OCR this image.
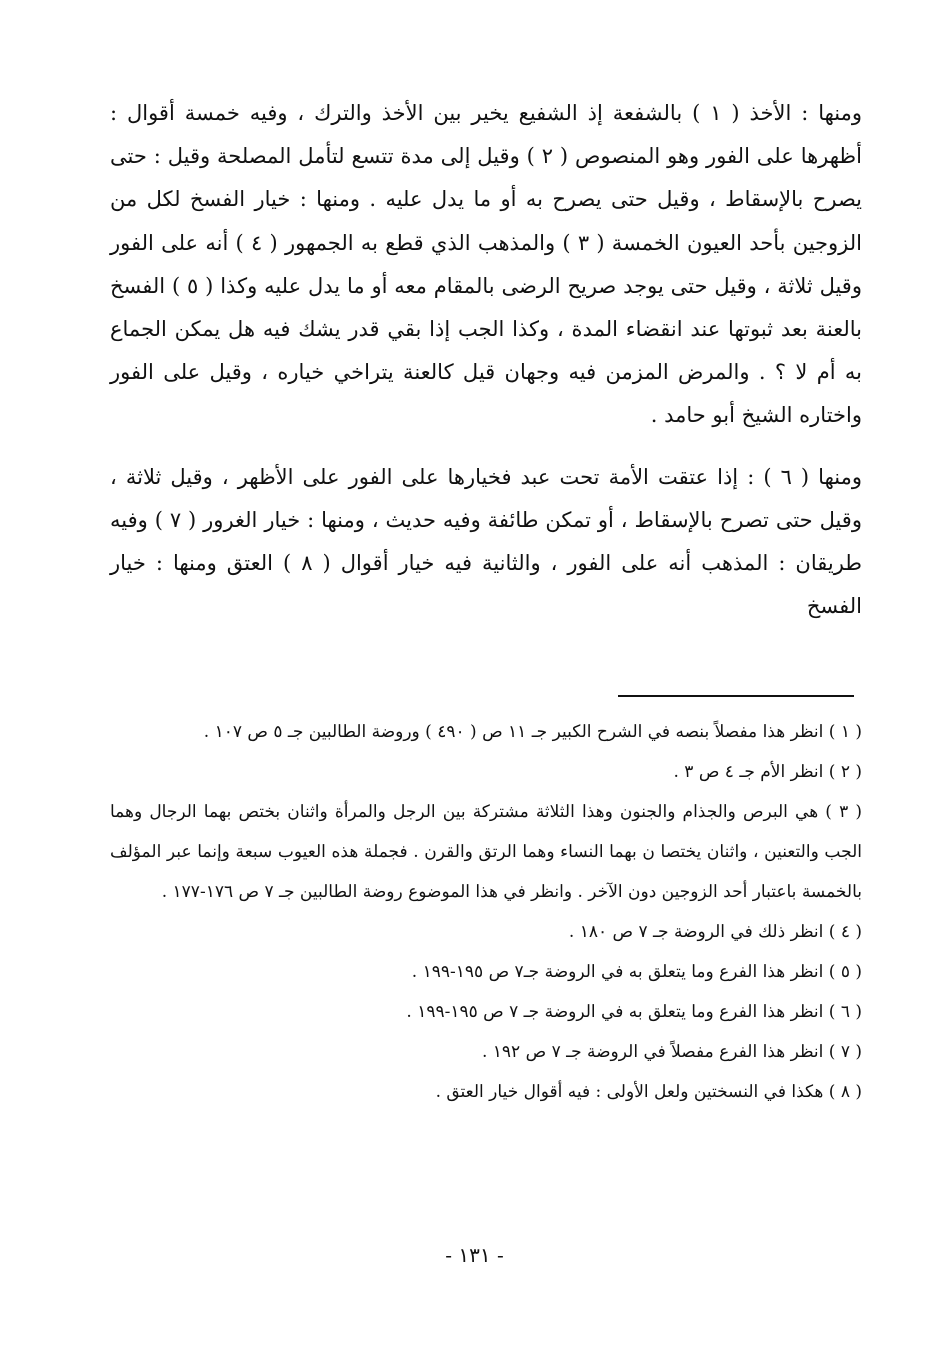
ومنها : الأخذ ( ١ ) بالشفعة إذ الشفيع يخير بين الأخذ والترك ، وفيه خمسة أقوال : أظهرها على الفور وهو المنصوص ( ٢ ) وقيل إلى مدة تتسع لتأمل المصلحة وقيل : حتى يصرح بالإسقاط ، وقيل حتى يصرح به أو ما يدل عليه . ومنها : خيار الفسخ لكل من الزوجين بأحد العيون الخمسة ( ٣ ) والمذهب الذي قطع به الجمهور ( ٤ ) أنه على الفور وقيل ثلاثة ، وقيل حتى يوجد صريح الرضى بالمقام معه أو ما يدل عليه وكذا ( ٥ ) الفسخ بالعنة بعد ثبوتها عند انقضاء المدة ، وكذا الجب إذا بقي قدر يشك فيه هل يمكن الجماع به أم لا ؟ . والمرض المزمن فيه وجهان قيل كالعنة يتراخي خياره ، وقيل على الفور واختاره الشيخ أبو حامد .

ومنها ( ٦ ) : إذا عتقت الأمة تحت عبد فخيارها على الفور على الأظهر ، وقيل ثلاثة ، وقيل حتى تصرح بالإسقاط ، أو تمكن طائفة وفيه حديث ، ومنها : خيار الغرور ( ٧ ) وفيه طريقان : المذهب أنه على الفور ، والثانية فيه خيار أقوال ( ٨ ) العتق ومنها : خيار الفسخ

( ١ ) انظر هذا مفصلاً بنصه في الشرح الكبير جـ ١١ ص ( ٤٩٠ ) وروضة الطالبين جـ ٥ ص ١٠٧ .

( ٢ ) انظر الأم جـ ٤ ص ٣ .

( ٣ ) هي البرص والجذام والجنون وهذا الثلاثة مشتركة بين الرجل والمرأة واثنان بختص بهما الرجال وهما الجب والتعنين ، واثنان يختصا ن بهما النساء وهما الرتق والقرن . فجملة هذه العيوب سبعة وإنما عبر المؤلف بالخمسة باعتبار أحد الزوجين دون الآخر . وانظر في هذا الموضوع روضة الطالبين جـ ٧ ص ١٧٦-١٧٧ .

( ٤ ) انظر ذلك في الروضة جـ ٧ ص ١٨٠ .

( ٥ ) انظر هذا الفرع وما يتعلق به في الروضة جـ٧ ص ١٩٥-١٩٩ .

( ٦ ) انظر هذا الفرع وما يتعلق به في الروضة جـ ٧ ص ١٩٥-١٩٩ .

( ٧ ) انظر هذا الفرع مفصلاً في الروضة جـ ٧ ص ١٩٢ .

( ٨ ) هكذا في النسختين ولعل الأولى : فيه أقوال خيار العتق .

- ١٣١ -
